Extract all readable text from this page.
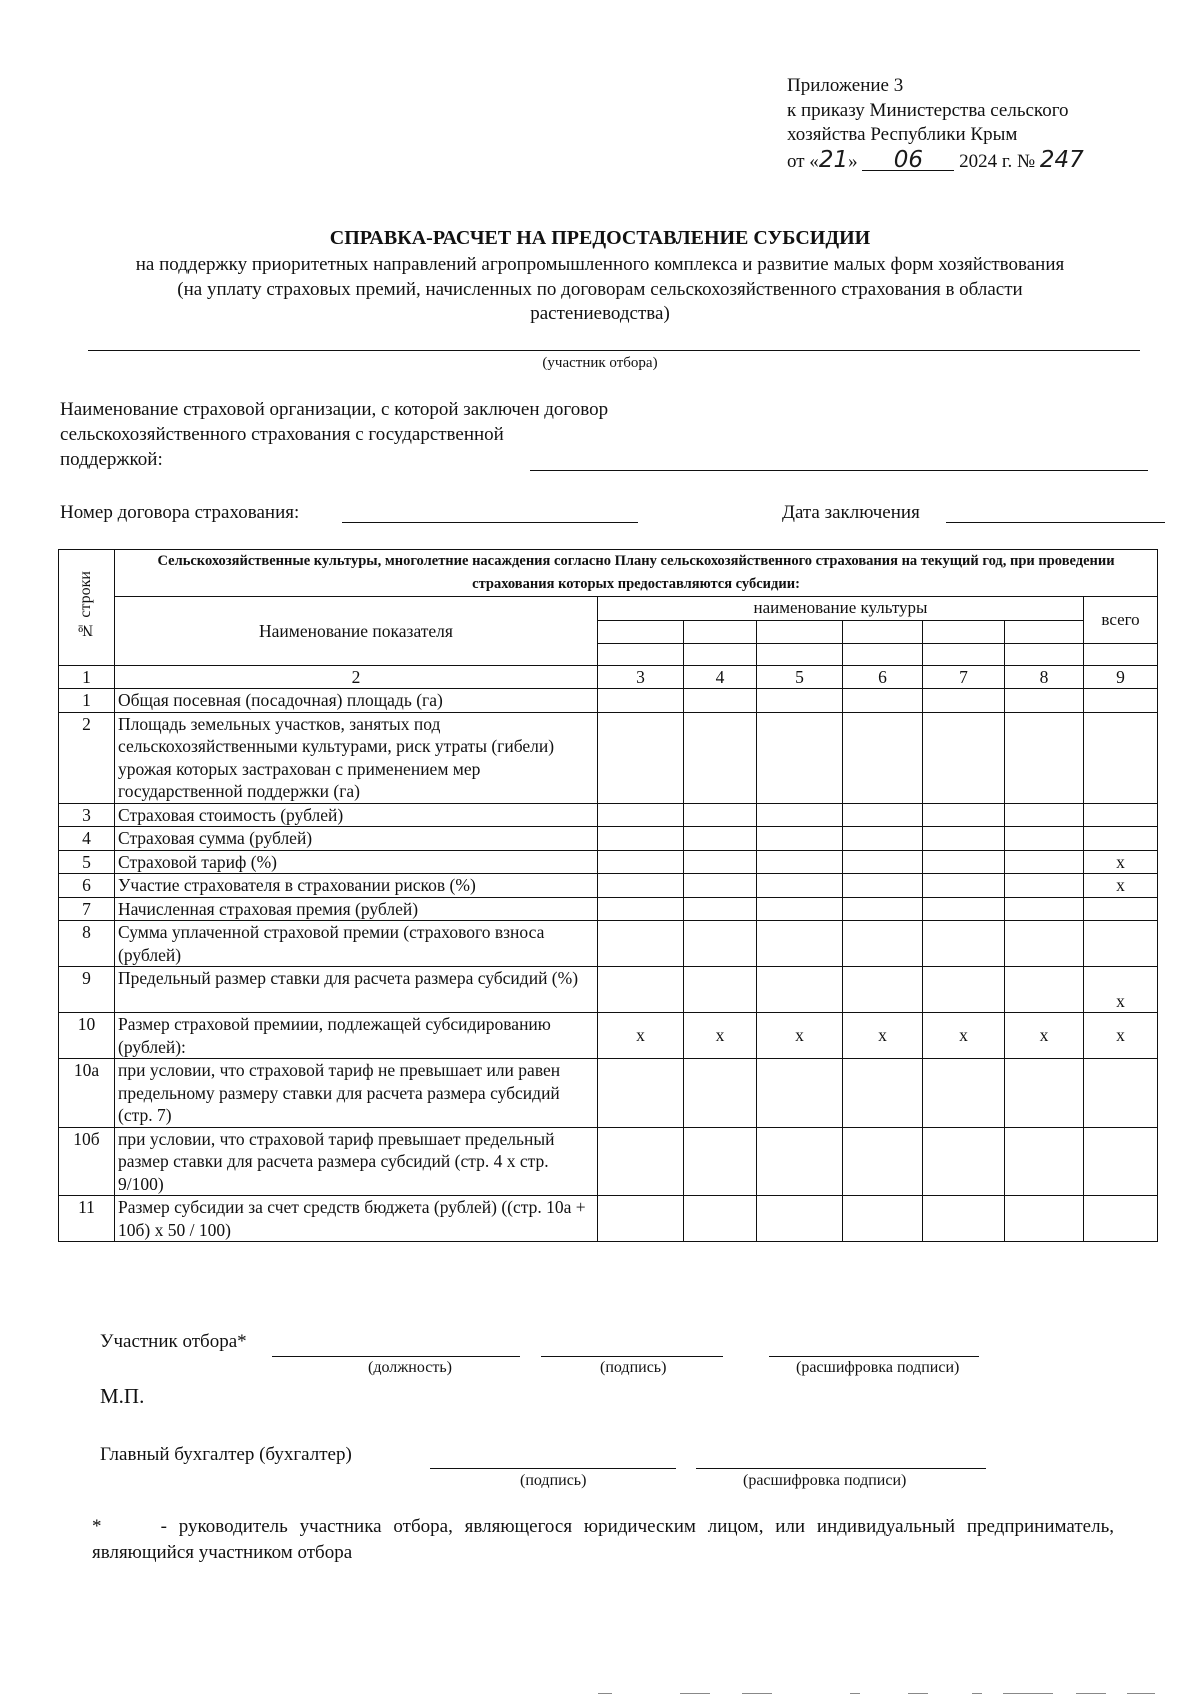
Приложение 3
к приказу Министерства сельского
хозяйства Республики Крым
от «21» 06 2024 г. № 247
СПРАВКА-РАСЧЕТ НА ПРЕДОСТАВЛЕНИЕ СУБСИДИИ
на поддержку приоритетных направлений агропромышленного комплекса и развитие малых форм хозяйствования
(на уплату страховых премий, начисленных по договорам сельскохозяйственного страхования в области
растениеводства)
(участник отбора)
Наименование страховой организации, с которой заключен договор
сельскохозяйственного страхования с государственной
поддержкой:
Номер договора страхования:	Дата заключения
№ строки	Сельскохозяйственные культуры, многолетние насаждения согласно Плану сельскохозяйственного страхования на текущий год, при проведении страхования которых предоставляются субсидии:							
	Наименование показателя	наименование культуры						всего

1	2	3	4	5	6	7	8	9
1	Общая посевная (посадочная) площадь (га)							
2	Площадь земельных участков, занятых под сельскохозяйственными культурами, риск утраты (гибели) урожая которых застрахован с применением мер государственной поддержки (га)							
3	Страховая стоимость (рублей)							
4	Страховая сумма (рублей)							
5	Страховой тариф (%)							x
6	Участие страхователя в страховании рисков (%)							x
7	Начисленная страховая премия (рублей)							
8	Сумма уплаченной страховой премии (страхового взноса (рублей)							
9	Предельный размер ставки для расчета размера субсидий (%)							x
10	Размер страховой премиии, подлежащей субсидированию (рублей):	x	x	x	x	x	x	x
10а	при условии, что страховой тариф не превышает или равен предельному размеру ставки для расчета размера субсидий (стр. 7)							
10б	при условии, что страховой тариф превышает предельный размер ставки для расчета размера субсидий (стр. 4 х стр. 9/100)							
11	Размер субсидии за счет средств бюджета (рублей) ((стр. 10а + 10б) х 50 / 100)							
Участник отбора*
(должность)	(подпись)	(расшифровка подписи)
М.П.
Главный бухгалтер (бухгалтер)
(подпись)	(расшифровка подписи)
*	- руководитель участника отбора, являющегося юридическим лицом, или индивидуальный предприниматель, являющийся участником отбора
